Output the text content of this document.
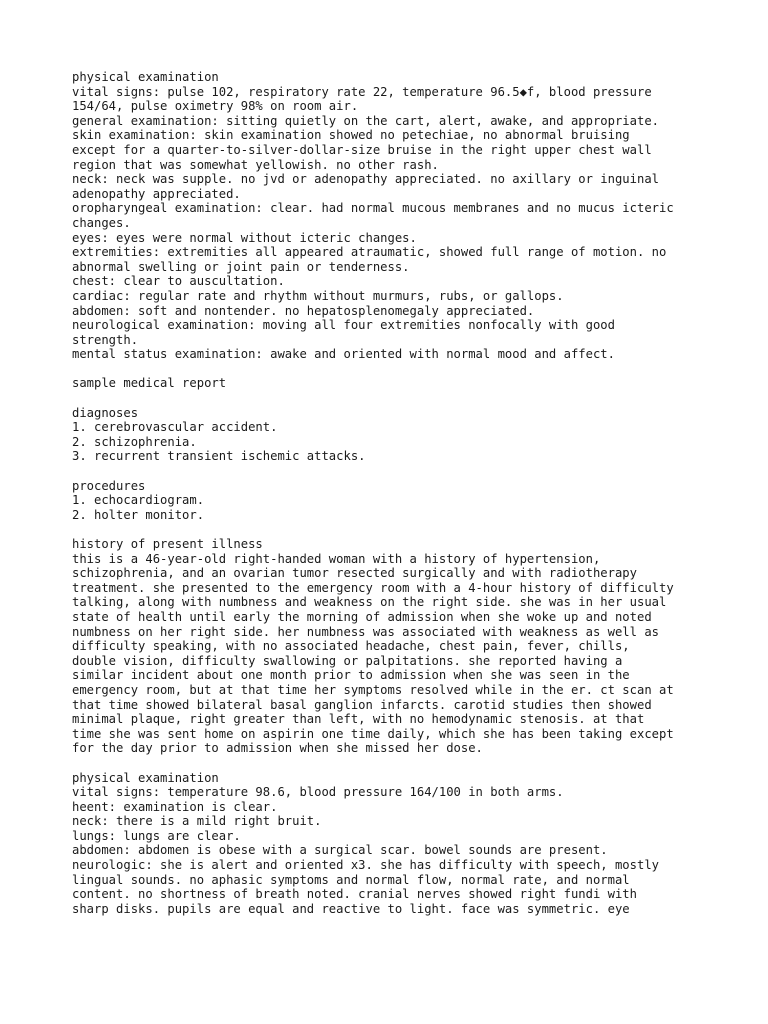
physical examination
vital signs: pulse 102, respiratory rate 22, temperature 96.5◆f, blood pressure
154/64, pulse oximetry 98% on room air.
general examination: sitting quietly on the cart, alert, awake, and appropriate.
skin examination: skin examination showed no petechiae, no abnormal bruising
except for a quarter-to-silver-dollar-size bruise in the right upper chest wall
region that was somewhat yellowish. no other rash.
neck: neck was supple. no jvd or adenopathy appreciated. no axillary or inguinal
adenopathy appreciated.
oropharyngeal examination: clear. had normal mucous membranes and no mucus icteric
changes.
eyes: eyes were normal without icteric changes.
extremities: extremities all appeared atraumatic, showed full range of motion. no
abnormal swelling or joint pain or tenderness.
chest: clear to auscultation.
cardiac: regular rate and rhythm without murmurs, rubs, or gallops.
abdomen: soft and nontender. no hepatosplenomegaly appreciated.
neurological examination: moving all four extremities nonfocally with good
strength.
mental status examination: awake and oriented with normal mood and affect.
sample medical report
diagnoses
1. cerebrovascular accident.
2. schizophrenia.
3. recurrent transient ischemic attacks.
procedures
1. echocardiogram.
2. holter monitor.
history of present illness
this is a 46-year-old right-handed woman with a history of hypertension,
schizophrenia, and an ovarian tumor resected surgically and with radiotherapy
treatment. she presented to the emergency room with a 4-hour history of difficulty
talking, along with numbness and weakness on the right side. she was in her usual
state of health until early the morning of admission when she woke up and noted
numbness on her right side. her numbness was associated with weakness as well as
difficulty speaking, with no associated headache, chest pain, fever, chills,
double vision, difficulty swallowing or palpitations. she reported having a
similar incident about one month prior to admission when she was seen in the
emergency room, but at that time her symptoms resolved while in the er. ct scan at
that time showed bilateral basal ganglion infarcts. carotid studies then showed
minimal plaque, right greater than left, with no hemodynamic stenosis. at that
time she was sent home on aspirin one time daily, which she has been taking except
for the day prior to admission when she missed her dose.
physical examination
vital signs: temperature 98.6, blood pressure 164/100 in both arms.
heent: examination is clear.
neck: there is a mild right bruit.
lungs: lungs are clear.
abdomen: abdomen is obese with a surgical scar. bowel sounds are present.
neurologic: she is alert and oriented x3. she has difficulty with speech, mostly
lingual sounds. no aphasic symptoms and normal flow, normal rate, and normal
content. no shortness of breath noted. cranial nerves showed right fundi with
sharp disks. pupils are equal and reactive to light. face was symmetric. eye
